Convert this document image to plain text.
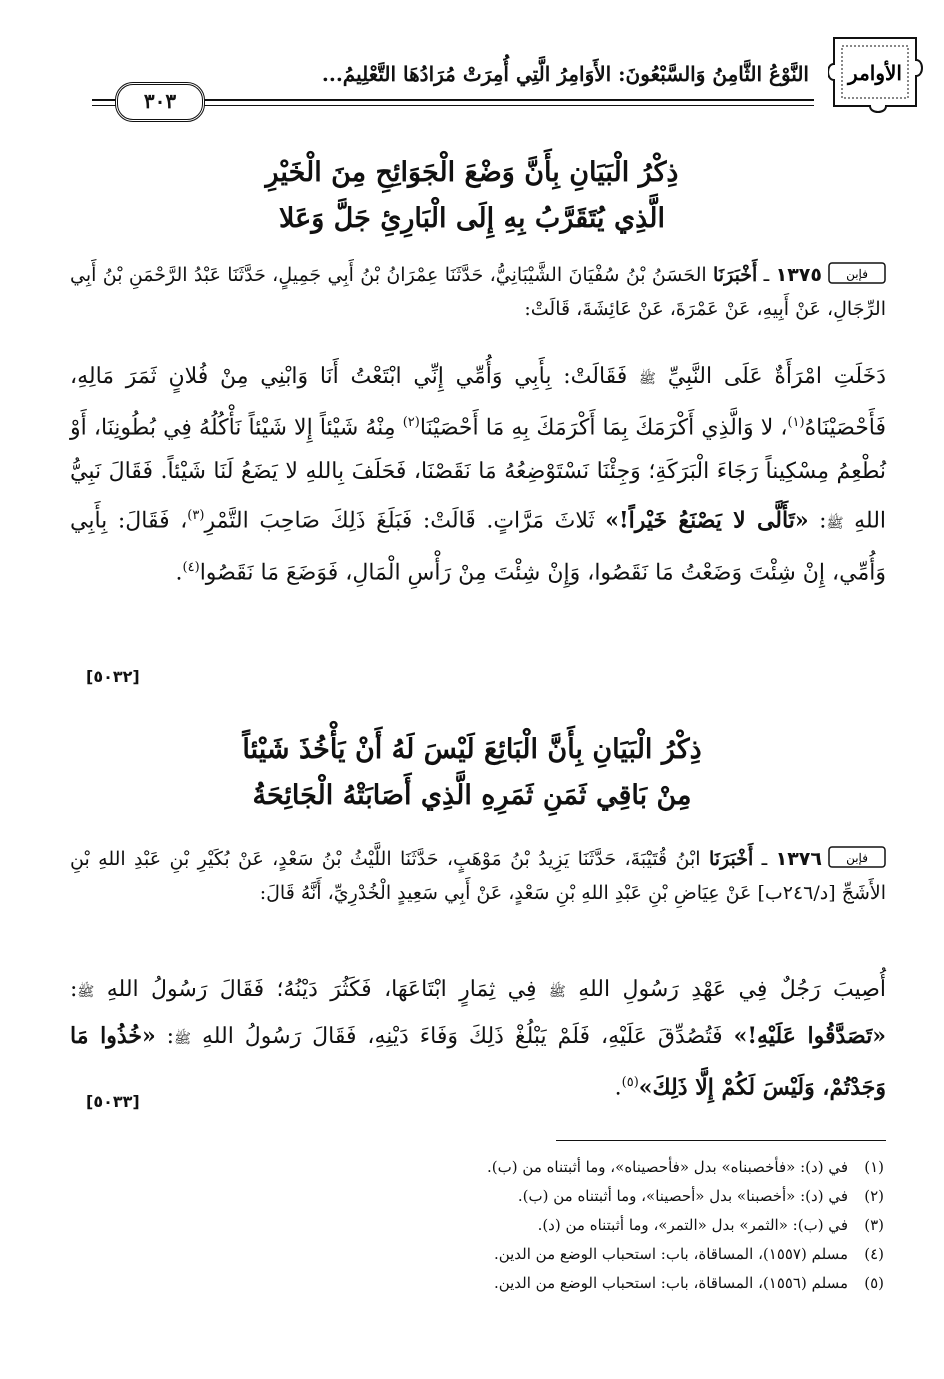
الأوامر
النَّوْعُ الثَّامِنُ وَالسَّبْعُونَ: الأَوَامِرُ الَّتِي أُمِرَتْ مُرَادُهَا التَّعْلِيمُ...
٣٠٣
ذِكْرُ الْبَيَانِ بِأَنَّ وَضْعَ الْجَوَائِحِ مِنَ الْخَيْرِ
الَّذِي يُتَقَرَّبُ بِهِ إِلَى الْبَارِئِ جَلَّ وَعَلا
فإبن
١٣٧٥ ـ أَخْبَرَنَا الحَسَنُ بْنُ سُفْيَانَ الشَّيْبَانِيُّ، حَدَّثَنَا عِمْرَانُ بْنُ أَبِي جَمِيلٍ، حَدَّثَنَا عَبْدُ الرَّحْمَنِ بْنُ أَبِي الرِّجَالِ، عَنْ أَبِيهِ، عَنْ عَمْرَةَ، عَنْ عَائِشَةَ، قَالَتْ:
دَخَلَتِ امْرَأَةٌ عَلَى النَّبِيِّ ﷺ فَقَالَتْ: بِأَبِي وَأُمِّي إِنِّي ابْتَعْتُ أَنَا وَابْنِي مِنْ فُلانٍ ثَمَرَ مَالِهِ، فَأَحْصَيْنَاهُ$^{(١)}$، لا وَالَّذِي أَكْرَمَكَ بِمَا أَكْرَمَكَ بِهِ مَا أَحْصَيْنَا$^{(٢)}$ مِنْهُ شَيْئاً إِلا شَيْئاً نَأْكُلُهُ فِي بُطُونِنَا، أَوْ نُطْعِمُ مِسْكِيناً رَجَاءَ الْبَرَكَةِ؛ وَجِئْنَا نَسْتَوْضِعُهُ مَا نَقَصْنَا، فَحَلَفَ بِاللهِ لا يَضَعُ لَنَا شَيْئاً. فَقَالَ نَبِيُّ اللهِ ﷺ: «تَأَلَّى لا يَصْنَعُ خَيْراً!» ثَلاثَ مَرَّاتٍ. قَالَتْ: فَبَلَغَ ذَلِكَ صَاحِبَ التَّمْرِ$^{(٣)}$، فَقَالَ: بِأَبِي وَأُمِّي، إِنْ شِئْتَ وَضَعْتُ مَا نَقَصُوا، وَإِنْ شِئْتَ مِنْ رَأْسِ الْمَالِ، فَوَضَعَ مَا نَقَصُوا$^{(٤)}$.
[٥٠٣٢]
ذِكْرُ الْبَيَانِ بِأَنَّ الْبَائِعَ لَيْسَ لَهُ أَنْ يَأْخُذَ شَيْئاً
مِنْ بَاقِي ثَمَنِ ثَمَرِهِ الَّذِي أَصَابَتْهُ الْجَائِحَةُ
فإبن
١٣٧٦ ـ أَخْبَرَنَا ابْنُ قُتَيْبَةَ، حَدَّثَنَا يَزِيدُ بْنُ مَوْهَبٍ، حَدَّثَنَا اللَّيْثُ بْنُ سَعْدٍ، عَنْ بُكَيْرِ بْنِ عَبْدِ اللهِ بْنِ الأَشَجِّ [د/٢٤٦ب] عَنْ عِيَاضِ بْنِ عَبْدِ اللهِ بْنِ سَعْدٍ، عَنْ أَبِي سَعِيدٍ الْخُدْرِيِّ، أَنَّهُ قَالَ:
أُصِيبَ رَجُلٌ فِي عَهْدِ رَسُولِ اللهِ ﷺ فِي ثِمَارٍ ابْتَاعَهَا، فَكَثُرَ دَيْنُهُ؛ فَقَالَ رَسُولُ اللهِ ﷺ: «تَصَدَّقُوا عَلَيْهِ!» فَتُصُدِّقَ عَلَيْهِ، فَلَمْ يَبْلُغْ ذَلِكَ وَفَاءَ دَيْنِهِ، فَقَالَ رَسُولُ اللهِ ﷺ: «خُذُوا مَا وَجَدْتُمْ، وَلَيْسَ لَكُمْ إِلَّا ذَلِكَ»$^{(٥)}$.
[٥٠٣٣]
(١)في (د): «فأخصبناه» بدل «فأحصيناه»، وما أثبتناه من (ب).
(٢)في (د): «أخصبنا» بدل «أحصينا»، وما أثبتناه من (ب).
(٣)في (ب): «الثمر» بدل «التمر»، وما أثبتناه من (د).
(٤)مسلم (١٥٥٧)، المساقاة، باب: استحباب الوضع من الدين.
(٥)مسلم (١٥٥٦)، المساقاة، باب: استحباب الوضع من الدين.
